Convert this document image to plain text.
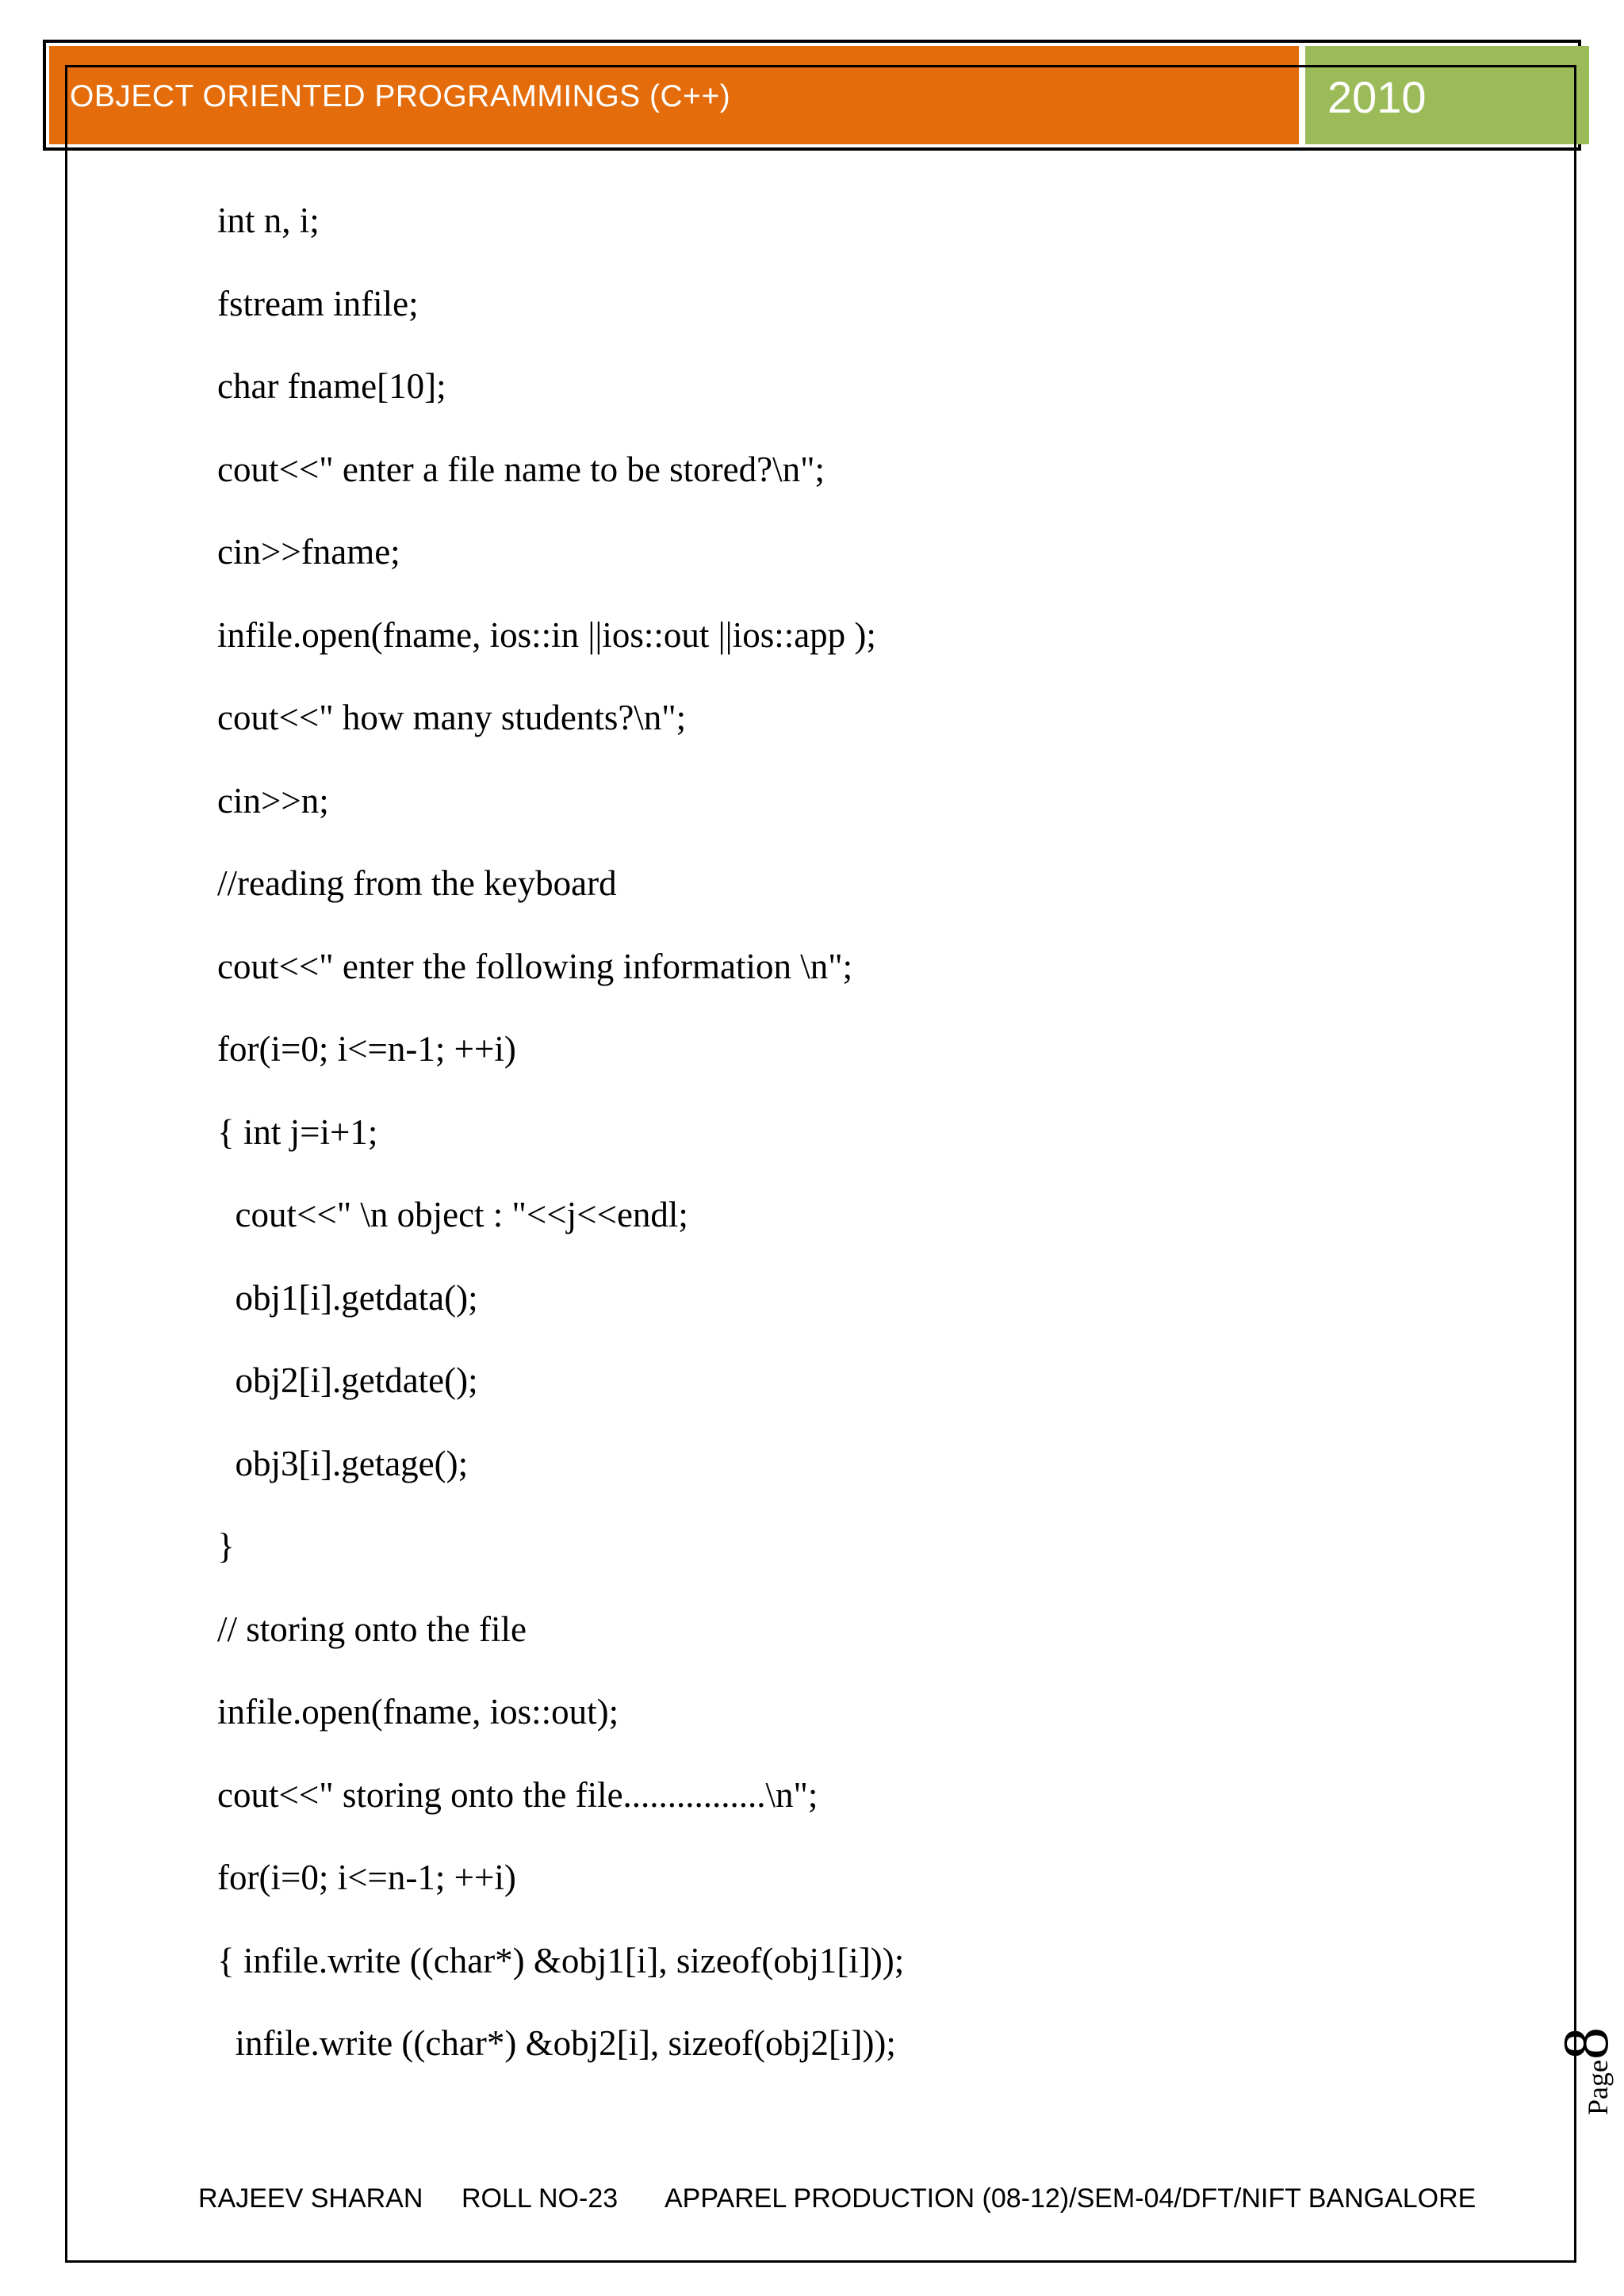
OBJECT ORIENTED PROGRAMMINGS (C++)	2010
int n, i;
fstream infile;
char fname[10];
cout<<" enter a file name to be stored?\n";
cin>>fname;
infile.open(fname, ios::in ||ios::out ||ios::app );
cout<<" how many students?\n";
cin>>n;
//reading from the keyboard
cout<<" enter the following information \n";
for(i=0; i<=n-1; ++i)
{ int j=i+1;
cout<<" \n object : "<<j<<endl;
obj1[i].getdata();
obj2[i].getdate();
obj3[i].getage();
}
// storing onto the file
infile.open(fname, ios::out);
cout<<" storing onto the file................\n";
for(i=0; i<=n-1; ++i)
{ infile.write ((char*) &obj1[i], sizeof(obj1[i]));
infile.write ((char*) &obj2[i], sizeof(obj2[i]));
Page8
RAJEEV SHARAN ROLL NO-23 APPAREL PRODUCTION (08-12)/SEM-04/DFT/NIFT BANGALORE
